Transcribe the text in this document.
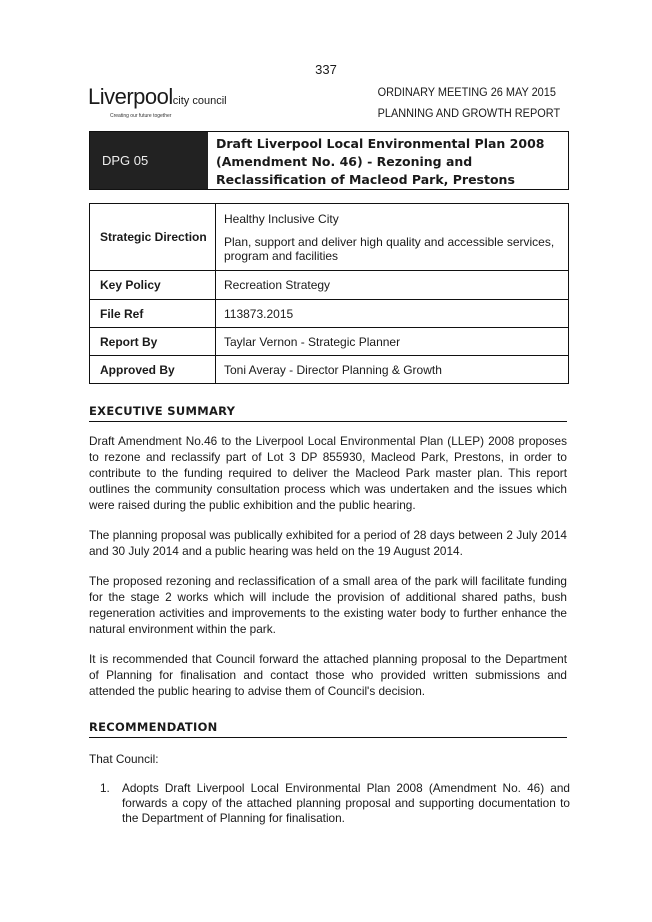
337
Liverpoolcity council
Creating our future together
ORDINARY MEETING 26 MAY 2015
PLANNING AND GROWTH REPORT
DPG 05
Draft Liverpool Local Environmental Plan 2008
(Amendment No. 46) - Rezoning and
Reclassification of Macleod Park, Prestons
Strategic Direction	Healthy Inclusive City
Plan, support and deliver high quality and accessible services, program and facilities

Key Policy	Recreation Strategy
File Ref	113873.2015
Report By	Taylar Vernon - Strategic Planner
Approved By	Toni Averay - Director Planning & Growth
EXECUTIVE SUMMARY

Draft Amendment No.46 to the Liverpool Local Environmental Plan (LLEP) 2008 proposes to rezone and reclassify part of Lot 3 DP 855930, Macleod Park, Prestons, in order to contribute to the funding required to deliver the Macleod Park master plan. This report outlines the community consultation process which was undertaken and the issues which were raised during the public exhibition and the public hearing.

The planning proposal was publically exhibited for a period of 28 days between 2 July 2014 and 30 July 2014 and a public hearing was held on the 19 August 2014.

The proposed rezoning and reclassification of a small area of the park will facilitate funding for the stage 2 works which will include the provision of additional shared paths, bush regeneration activities and improvements to the existing water body to further enhance the natural environment within the park.

It is recommended that Council forward the attached planning proposal to the Department of Planning for finalisation and contact those who provided written submissions and attended the public hearing to advise them of Council's decision.

RECOMMENDATION

That Council:

1.	Adopts Draft Liverpool Local Environmental Plan 2008 (Amendment No. 46) and forwards a copy of the attached planning proposal and supporting documentation to the Department of Planning for finalisation.
